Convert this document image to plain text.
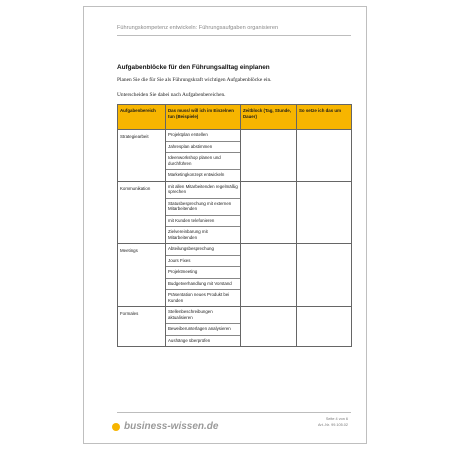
Führungskompetenz entwickeln: Führungsaufgaben organisieren
Aufgabenblöcke für den Führungsalltag einplanen
Planen Sie die für Sie als Führungskraft wichtigen Aufgabenblöcke ein.
Unterscheiden Sie dabei nach Aufgabenbereichen.
Aufgabenbereich	Das muss/ will ich im Einzelnen tun (Beispiele)	Zeitblock (Tag, Stunde, Dauer)	So setze ich das um
Strategiearbeit	Projektplan erstellen
Jahresplan abstimmen
Ideenworkshop planen und durchführen
Marketingkonzept entwickeln		

Kommunikation	mit allen Mitarbeitenden regelmäßig sprechen
Statusbesprechung mit externen Mitarbeitenden
mit Kunden telefonieren
Zielvereinbarung mit Mitarbeitenden		

Meetings	Abteilungsbesprechung
Jours Fixes
Projektmeeting
Budgetverhandlung mit Vorstand
Präsentation neues Produkt bei Kunden		

Formales	Stellenbeschreibungen aktualisieren
Beweiberunterlagen analysieren
Aushänge überprüfen		

business-wissen.de
Seite 4 von 6
Art.-Nr. 99.105.02
